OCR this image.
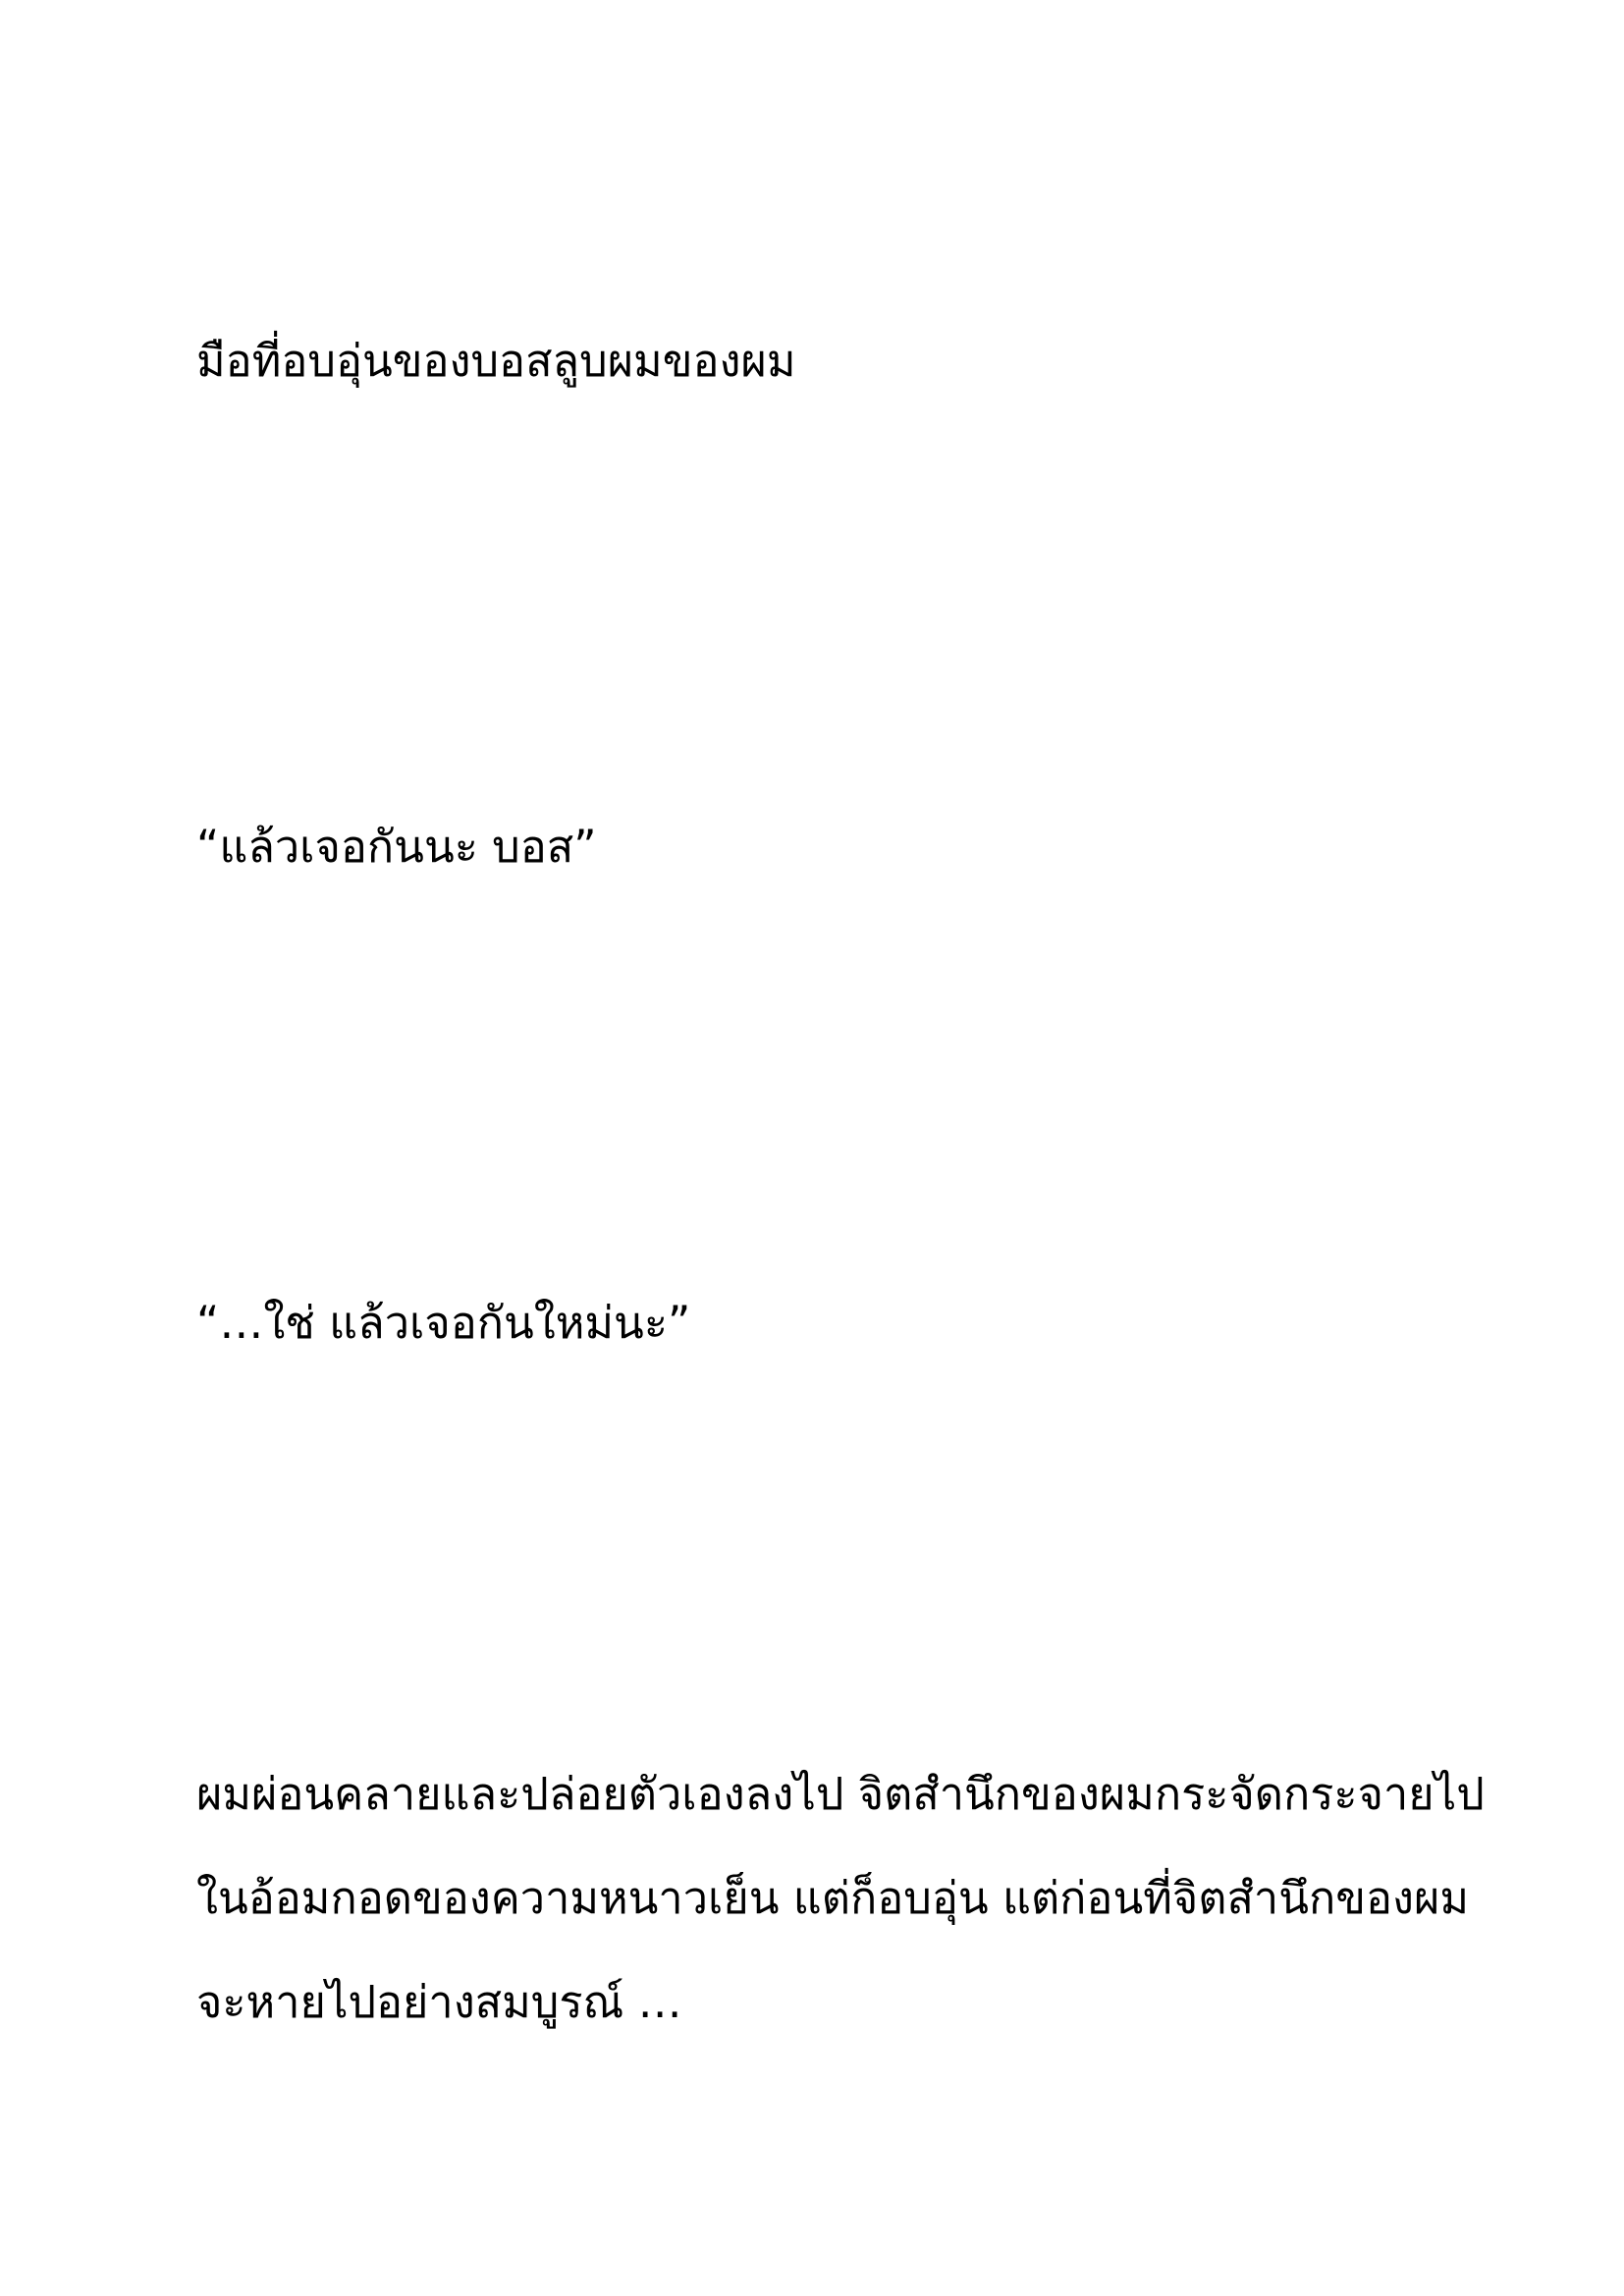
มือที่อบอุ่นของบอสลูบผมของผม

“แล้วเจอกันนะ บอส”

“…ใช่ แล้วเจอกันใหม่นะ”

ผมผ่อนคลายและปล่อยตัวเองลงไป จิตสำนึกของผมกระจัดกระจายไป
ในอ้อมกอดของความหนาวเย็น แต่ก็อบอุ่น แต่ก่อนที่จิตสำนึกของผม
จะหายไปอย่างสมบูรณ์ …
